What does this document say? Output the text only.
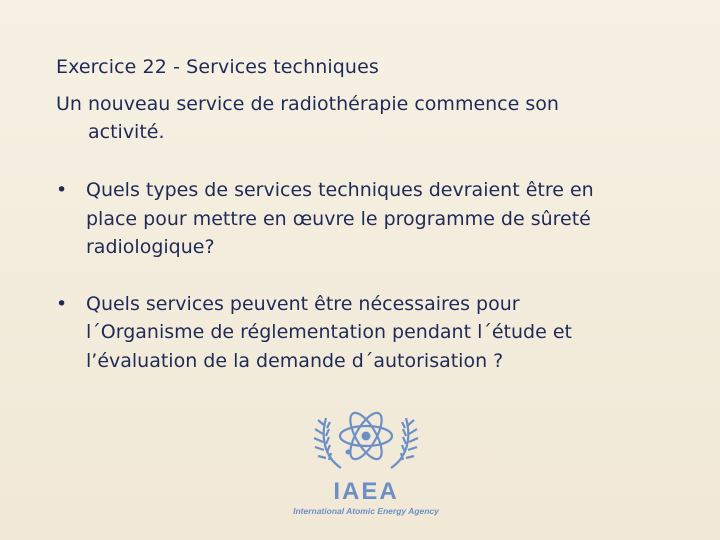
Exercice 22 - Services techniques
Un nouveau service de radiothérapie commence son
activité.
• Quels types de services techniques devraient être en
place pour mettre en œuvre le programme de sûreté
radiologique?
• Quels services peuvent être nécessaires pour
l´Organisme de réglementation pendant l´étude et
l’évaluation de la demande d´autorisation ?
IAEA
International Atomic Energy Agency
